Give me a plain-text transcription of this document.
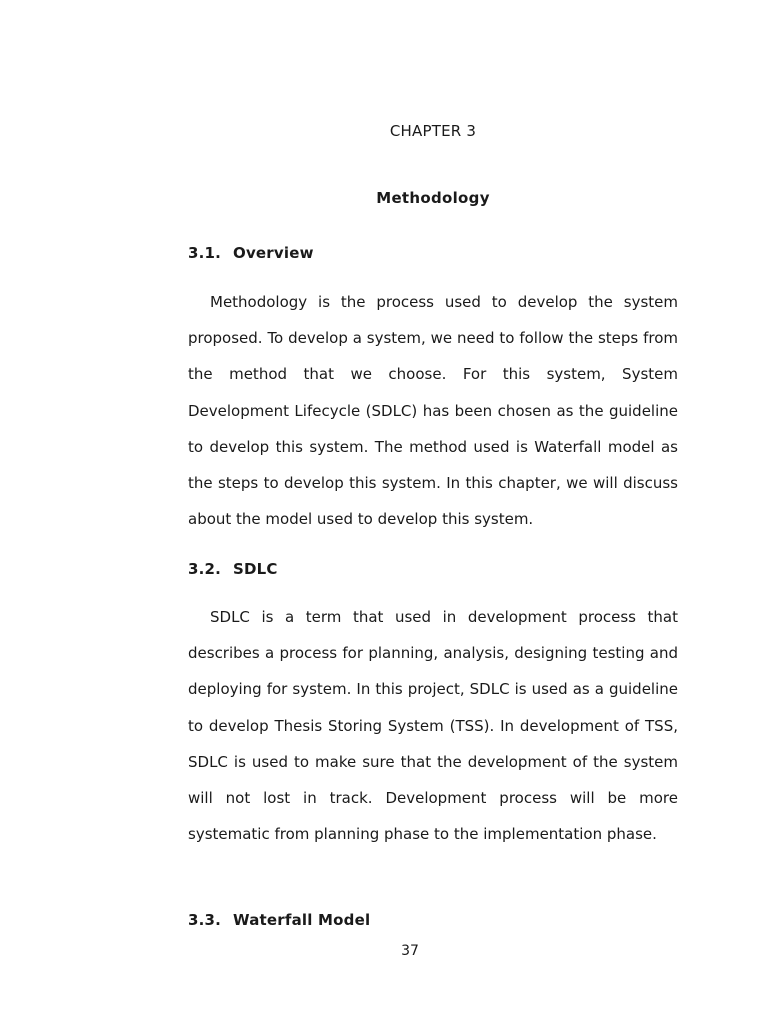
CHAPTER 3
Methodology
3.1. Overview

Methodology is the process used to develop the system proposed. To develop a system, we need to follow the steps from the method that we choose. For this system, System Development Lifecycle (SDLC) has been chosen as the guideline to develop this system. The method used is Waterfall model as the steps to develop this system. In this chapter, we will discuss about the model used to develop this system.

3.2. SDLC

SDLC is a term that used in development process that describes a process for planning, analysis, designing testing and deploying for system. In this project, SDLC is used as a guideline to develop Thesis Storing System (TSS). In development of TSS, SDLC is used to make sure that the development of the system will not lost in track. Development process will be more systematic from planning phase to the implementation phase.

3.3. Waterfall Model

37
